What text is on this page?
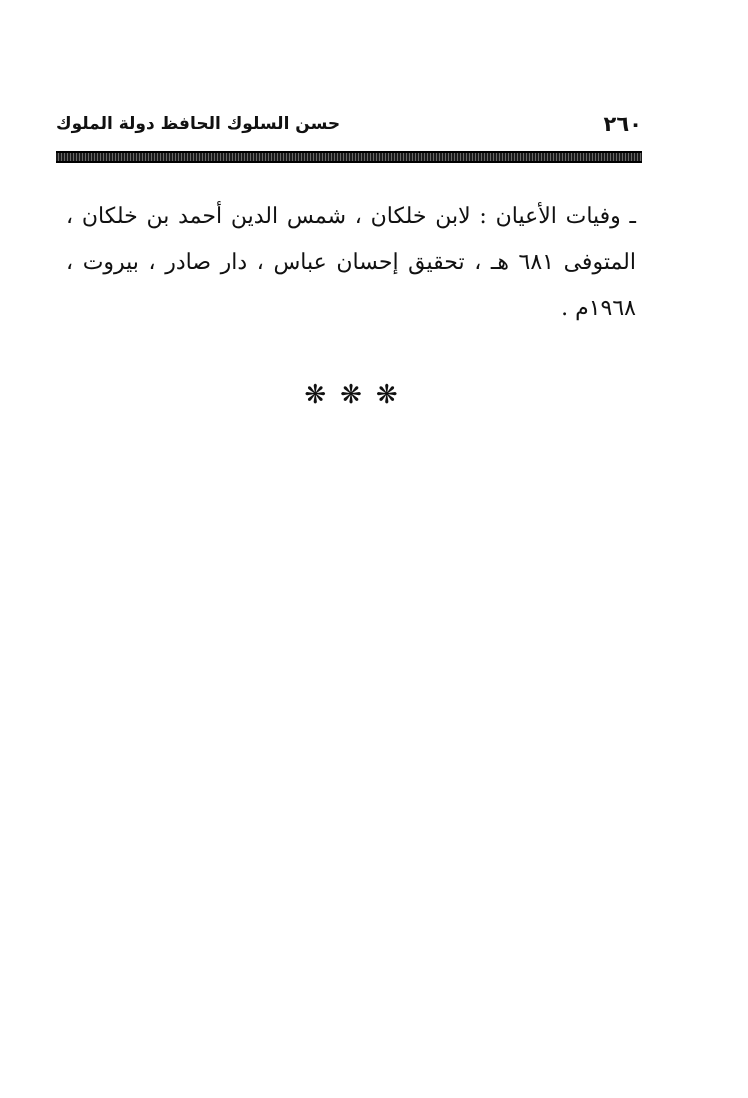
حسن السلوك الحافظ دولة الملوك	٢٦٠

ـ وفيات الأعيان : لابن خلكان ، شمس الدين أحمد بن خلكان ، المتوفى ٦٨١ هـ ، تحقيق إحسان عباس ، دار صادر ، بيروت ، ١٩٦٨م .

❋❋❋
